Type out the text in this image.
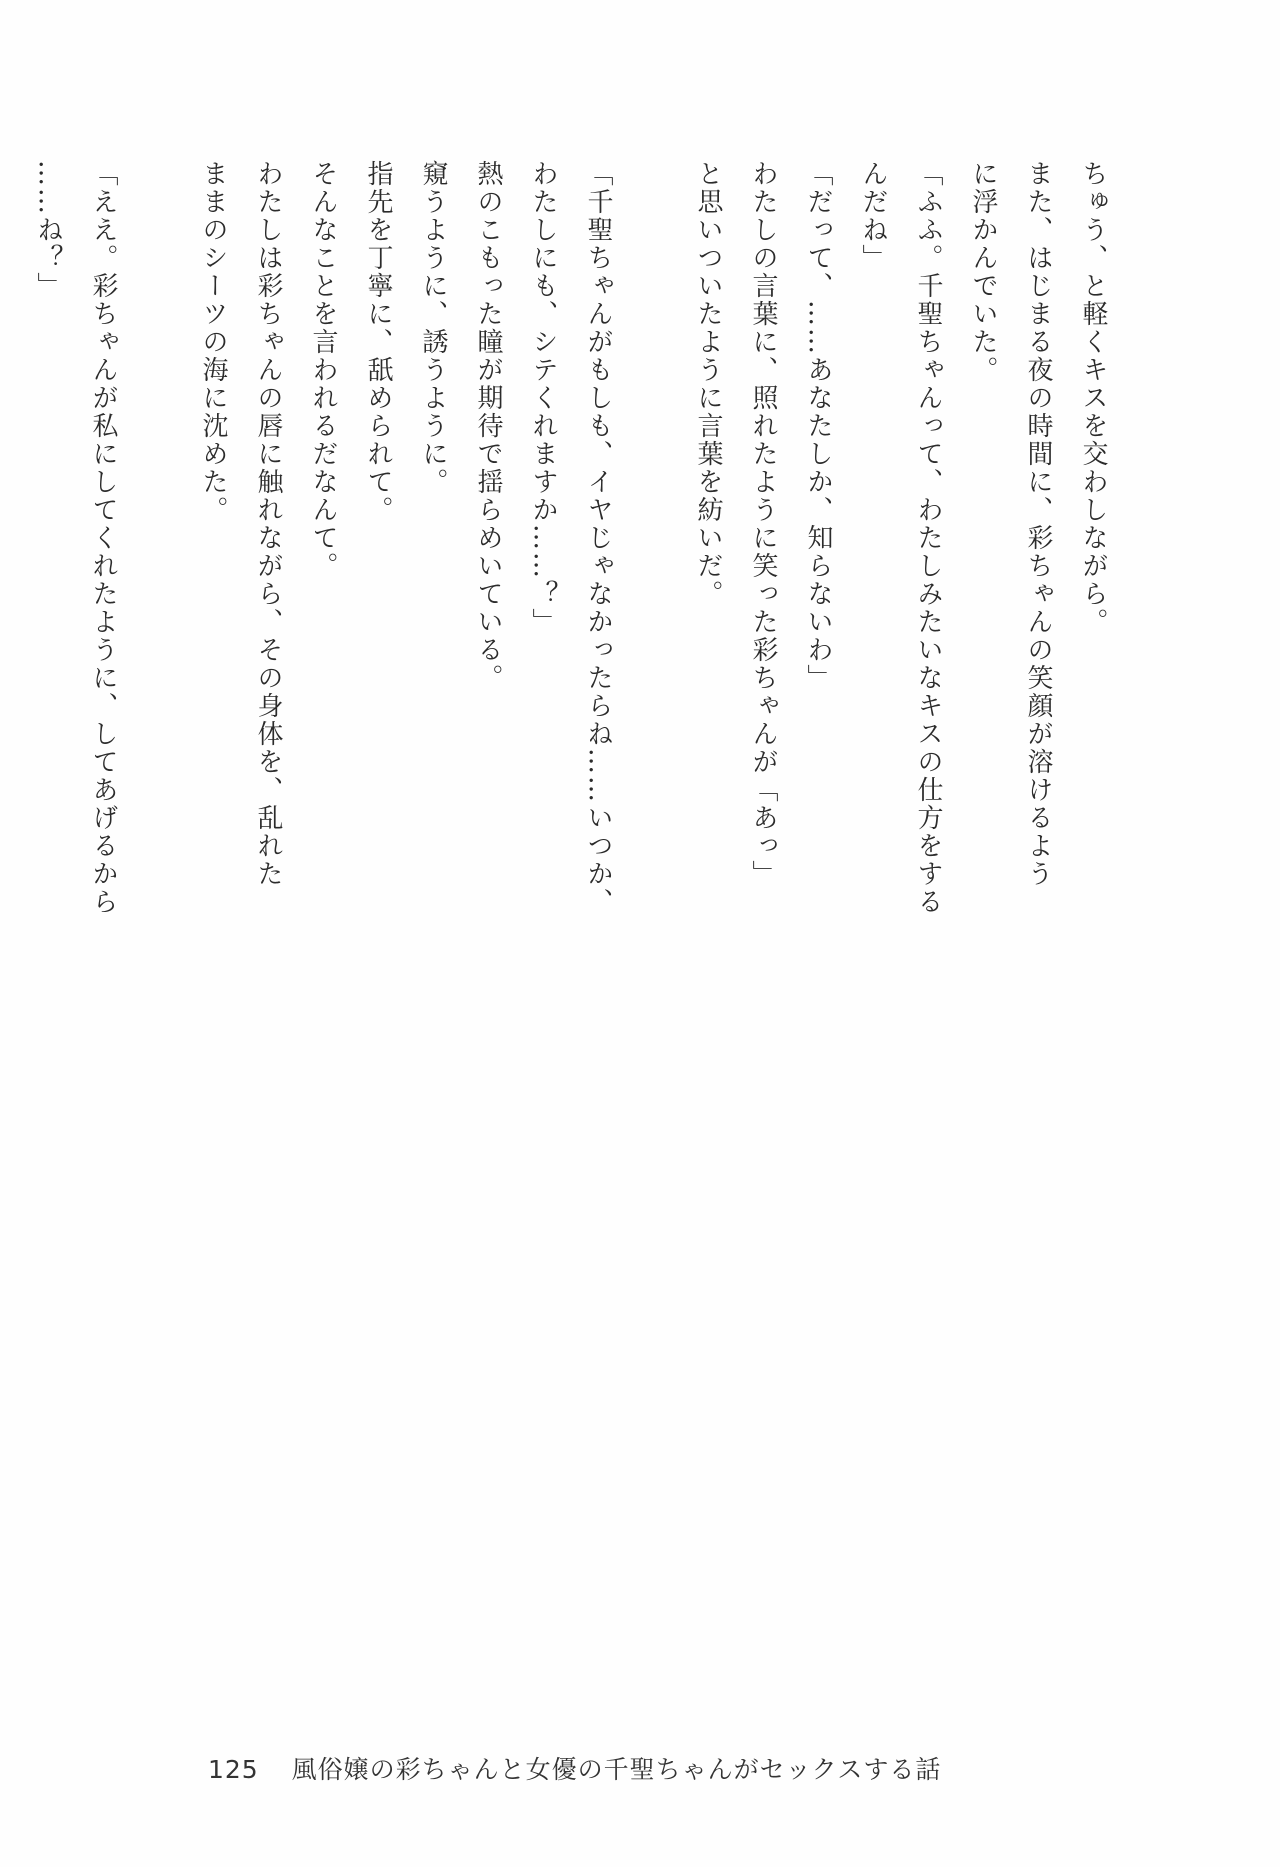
ちゅう、と軽くキスを交わしながら。
また、はじまる夜の時間に、彩ちゃんの笑顔が溶けるよう
に浮かんでいた。
「ふふ。千聖ちゃんって、わたしみたいなキスの仕方をする
んだね」
「だって、……あなたしか、知らないわ」
わたしの言葉に、照れたように笑った彩ちゃんが「あっ」
と思いついたように言葉を紡いだ。

「千聖ちゃんがもしも、イヤじゃなかったらね……いつか、
わたしにも、シテくれますか……？」
熱のこもった瞳が期待で揺らめいている。
窺うように、誘うように。
指先を丁寧に、舐められて。
そんなことを言われるだなんて。
わたしは彩ちゃんの唇に触れながら、その身体を、乱れた
ままのシーツの海に沈めた。

「ええ。彩ちゃんが私にしてくれたように、してあげるから
……ね？」

125 風俗嬢の彩ちゃんと女優の千聖ちゃんがセックスする話
